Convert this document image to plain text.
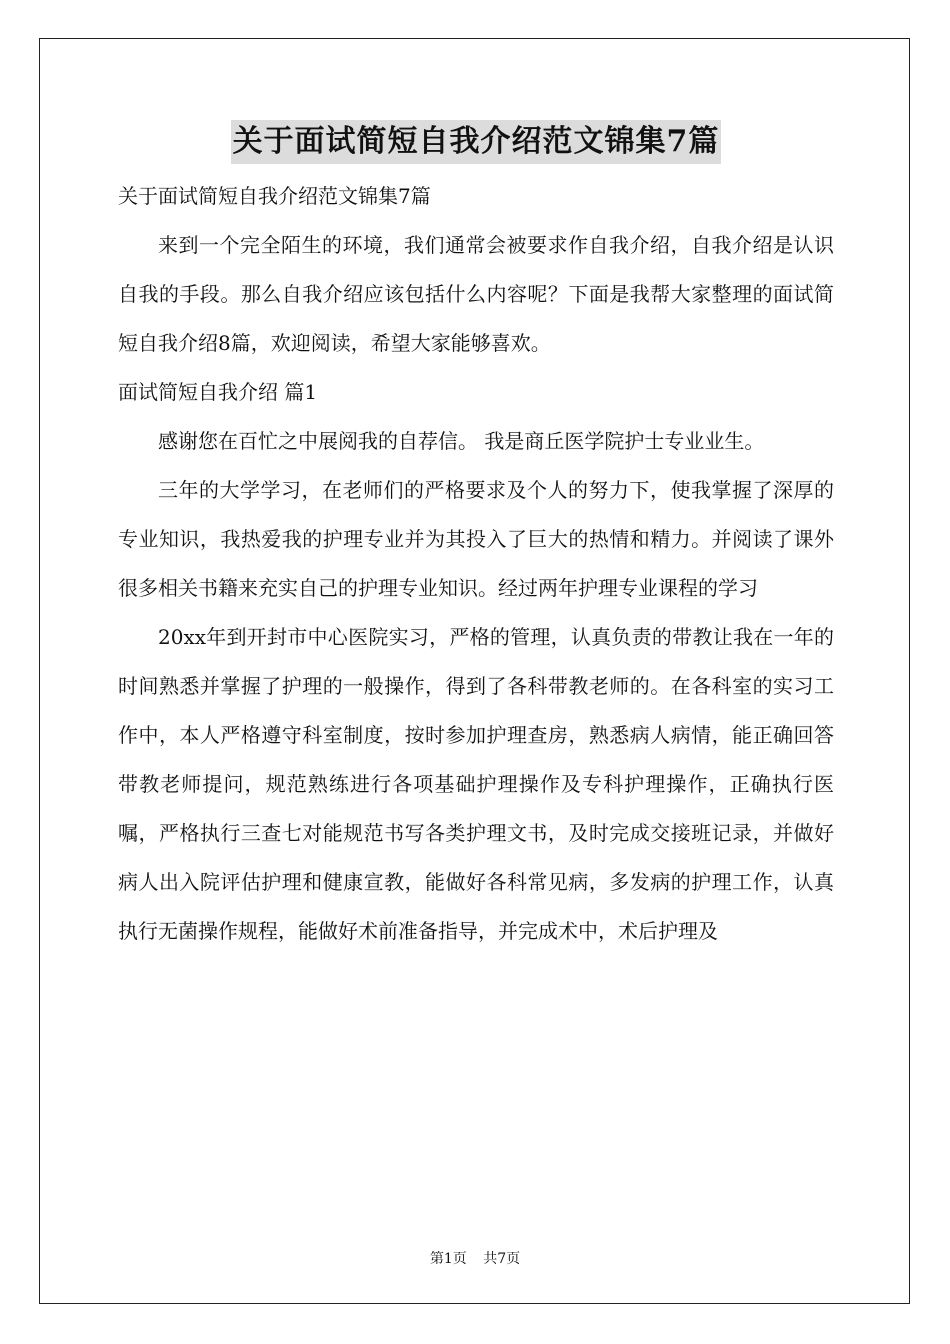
关于面试简短自我介绍范文锦集7篇
关于面试简短自我介绍范文锦集7篇
来到一个完全陌生的环境，我们通常会被要求作自我介绍，自我介绍是认识自我的手段。那么自我介绍应该包括什么内容呢？下面是我帮大家整理的面试简短自我介绍8篇，欢迎阅读，希望大家能够喜欢。
面试简短自我介绍 篇1
感谢您在百忙之中展阅我的自荐信。 我是商丘医学院护士专业业生。
三年的大学学习，在老师们的严格要求及个人的努力下，使我掌握了深厚的专业知识，我热爱我的护理专业并为其投入了巨大的热情和精力。并阅读了课外很多相关书籍来充实自己的护理专业知识。经过两年护理专业课程的学习
20xx年到开封市中心医院实习，严格的管理，认真负责的带教让我在一年的时间熟悉并掌握了护理的一般操作，得到了各科带教老师的。在各科室的实习工作中，本人严格遵守科室制度，按时参加护理查房，熟悉病人病情，能正确回答带教老师提问，规范熟练进行各项基础护理操作及专科护理操作，正确执行医嘱，严格执行三查七对能规范书写各类护理文书，及时完成交接班记录，并做好病人出入院评估护理和健康宣教，能做好各科常见病，多发病的护理工作，认真执行无菌操作规程，能做好术前准备指导，并完成术中，术后护理及
第1页 共7页
